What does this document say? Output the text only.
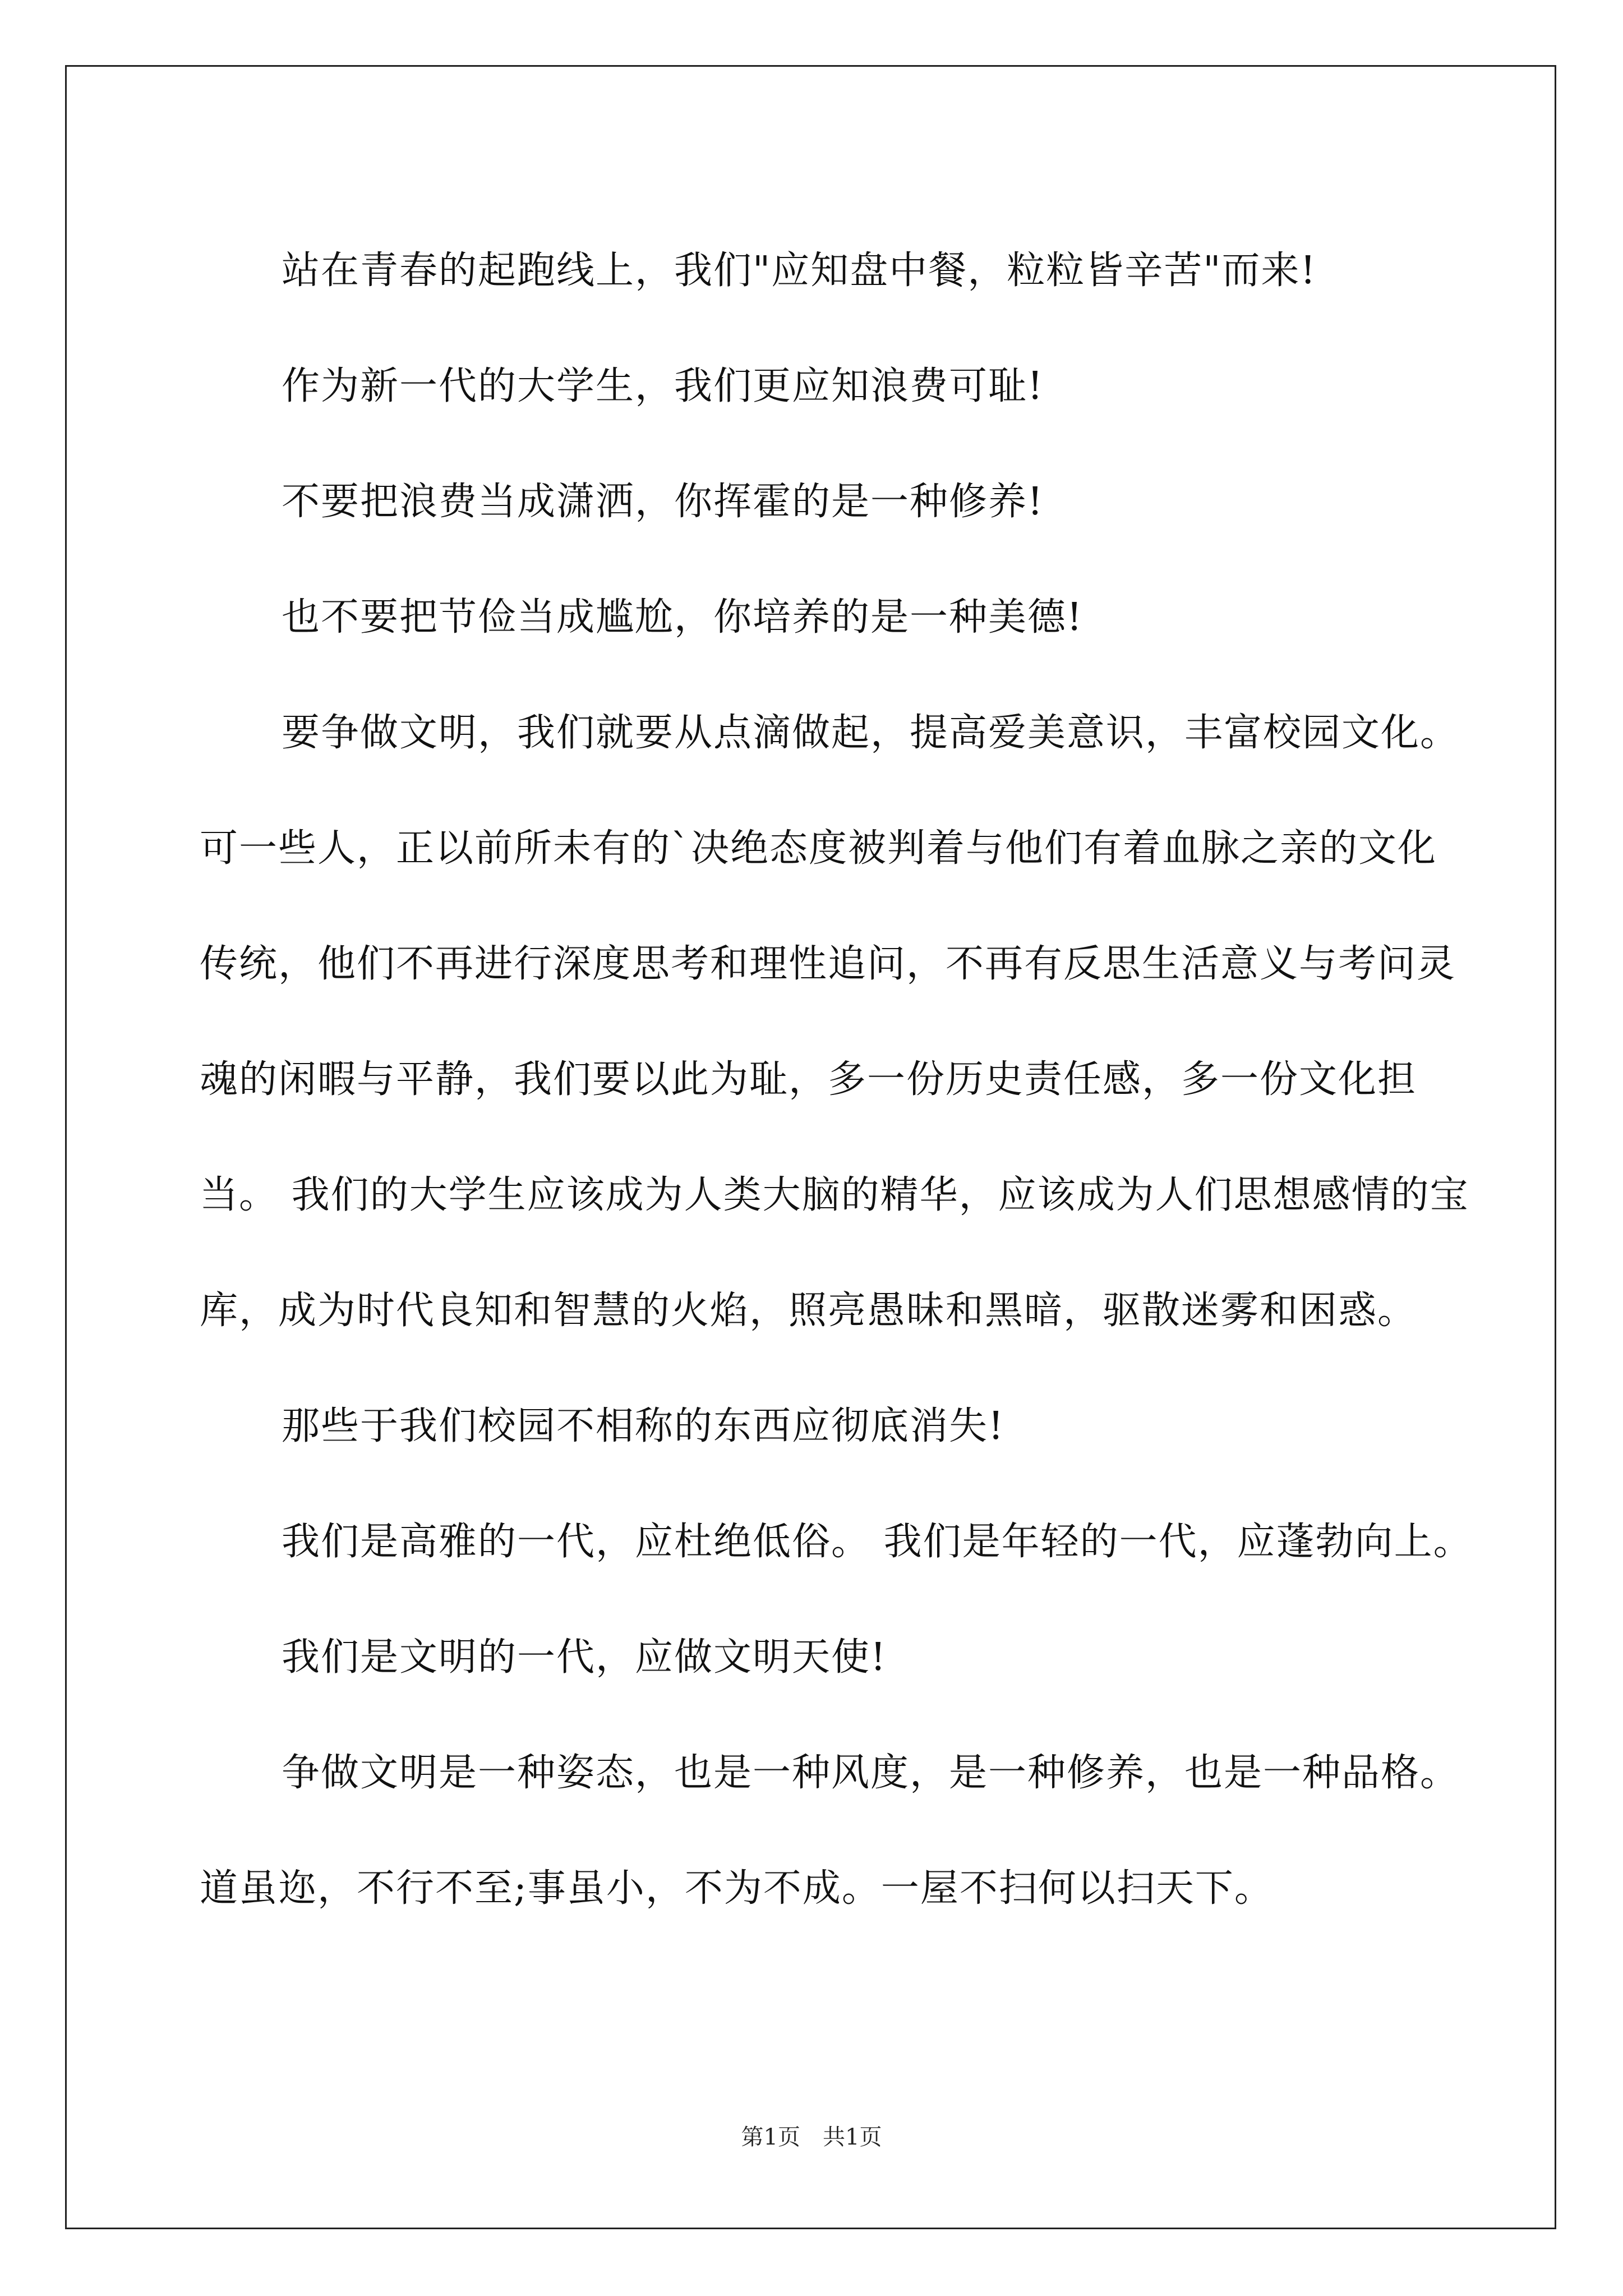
站在青春的起跑线上，我们"应知盘中餐，粒粒皆辛苦"而来!

作为新一代的大学生，我们更应知浪费可耻!

不要把浪费当成潇洒，你挥霍的是一种修养!

也不要把节俭当成尴尬，你培养的是一种美德!

要争做文明，我们就要从点滴做起，提高爱美意识，丰富校园文化。 可一些人，正以前所未有的`决绝态度被判着与他们有着血脉之亲的文化传统，他们不再进行深度思考和理性追问，不再有反思生活意义与考问灵魂的闲暇与平静，我们要以此为耻，多一份历史责任感，多一份文化担当。 我们的大学生应该成为人类大脑的精华，应该成为人们思想感情的宝库，成为时代良知和智慧的火焰，照亮愚昧和黑暗，驱散迷雾和困惑。

那些于我们校园不相称的东西应彻底消失!

我们是高雅的一代，应杜绝低俗。 我们是年轻的一代，应蓬勃向上。

我们是文明的一代，应做文明天使!

争做文明是一种姿态，也是一种风度，是一种修养，也是一种品格。 道虽迩，不行不至;事虽小，不为不成。一屋不扫何以扫天下。

第1页　共1页
